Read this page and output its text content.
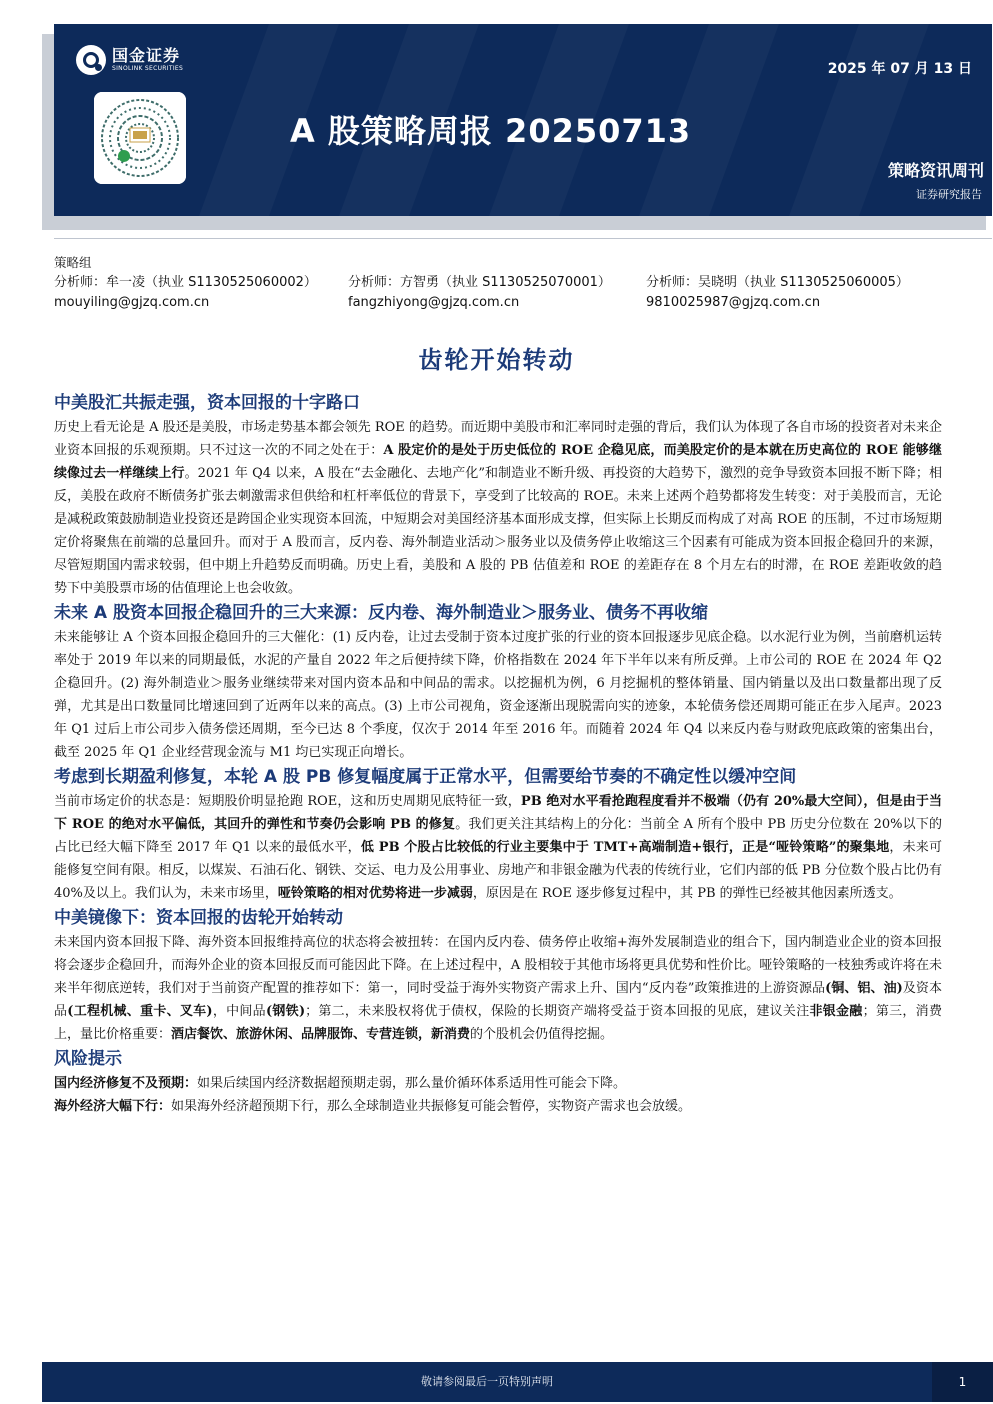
国金证券
SINOLINK SECURITIES	2025 年 07 月 13 日
A 股策略周报 20250713
策略资讯周刊
证券研究报告
策略组
分析师：牟一凌（执业 S1130525060002） 分析师：方智勇（执业 S1130525070001）	分析师：吴晓明（执业 S1130525060005）
mouyiling@gjzq.com.cn	fangzhiyong@gjzq.com.cn	9810025987@gjzq.com.cn
齿轮开始转动
中美股汇共振走强，资本回报的十字路口

历史上看无论是 A 股还是美股，市场走势基本都会领先 ROE 的趋势。而近期中美股市和汇率同时走强的背后，我们认为体现了各自市场的投资者对未来企业资本回报的乐观预期。只不过这一次的不同之处在于：A 股定价的是处于历史低位的 ROE 企稳见底，而美股定价的是本就在历史高位的 ROE 能够继续像过去一样继续上行。2021 年 Q4 以来，A 股在“去金融化、去地产化”和制造业不断升级、再投资的大趋势下，激烈的竞争导致资本回报不断下降；相反，美股在政府不断债务扩张去刺激需求但供给和杠杆率低位的背景下，享受到了比较高的 ROE。未来上述两个趋势都将发生转变：对于美股而言，无论是减税政策鼓励制造业投资还是跨国企业实现资本回流，中短期会对美国经济基本面形成支撑，但实际上长期反而构成了对高 ROE 的压制，不过市场短期定价将聚焦在前端的总量回升。而对于 A 股而言，反内卷、海外制造业活动＞服务业以及债务停止收缩这三个因素有可能成为资本回报企稳回升的来源，尽管短期国内需求较弱，但中期上升趋势反而明确。历史上看，美股和 A 股的 PB 估值差和 ROE 的差距存在 8 个月左右的时滞，在 ROE 差距收敛的趋势下中美股票市场的估值理论上也会收敛。

未来 A 股资本回报企稳回升的三大来源：反内卷、海外制造业＞服务业、债务不再收缩

未来能够让 A 个资本回报企稳回升的三大催化：(1) 反内卷，让过去受制于资本过度扩张的行业的资本回报逐步见底企稳。以水泥行业为例，当前磨机运转率处于 2019 年以来的同期最低，水泥的产量自 2022 年之后便持续下降，价格指数在 2024 年下半年以来有所反弹。上市公司的 ROE 在 2024 年 Q2 企稳回升。(2) 海外制造业＞服务业继续带来对国内资本品和中间品的需求。以挖掘机为例，6 月挖掘机的整体销量、国内销量以及出口数量都出现了反弹，尤其是出口数量同比增速回到了近两年以来的高点。(3) 上市公司视角，资金逐渐出现脱需向实的迹象，本轮债务偿还周期可能正在步入尾声。2023 年 Q1 过后上市公司步入债务偿还周期，至今已达 8 个季度，仅次于 2014 年至 2016 年。而随着 2024 年 Q4 以来反内卷与财政兜底政策的密集出台，截至 2025 年 Q1 企业经营现金流与 M1 均已实现正向增长。

考虑到长期盈利修复，本轮 A 股 PB 修复幅度属于正常水平，但需要给节奏的不确定性以缓冲空间

当前市场定价的状态是：短期股价明显抢跑 ROE，这和历史周期见底特征一致，PB 绝对水平看抢跑程度看并不极端（仍有 20%最大空间），但是由于当下 ROE 的绝对水平偏低，其回升的弹性和节奏仍会影响 PB 的修复。我们更关注其结构上的分化：当前全 A 所有个股中 PB 历史分位数在 20%以下的占比已经大幅下降至 2017 年 Q1 以来的最低水平，低 PB 个股占比较低的行业主要集中于 TMT+高端制造+银行，正是“哑铃策略”的聚集地，未来可能修复空间有限。相反，以煤炭、石油石化、钢铁、交运、电力及公用事业、房地产和非银金融为代表的传统行业，它们内部的低 PB 分位数个股占比仍有 40%及以上。我们认为，未来市场里，哑铃策略的相对优势将进一步减弱，原因是在 ROE 逐步修复过程中，其 PB 的弹性已经被其他因素所透支。

中美镜像下：资本回报的齿轮开始转动

未来国内资本回报下降、海外资本回报维持高位的状态将会被扭转：在国内反内卷、债务停止收缩+海外发展制造业的组合下，国内制造业企业的资本回报将会逐步企稳回升，而海外企业的资本回报反而可能因此下降。在上述过程中，A 股相较于其他市场将更具优势和性价比。哑铃策略的一枝独秀或许将在未来半年彻底逆转，我们对于当前资产配置的推荐如下：第一，同时受益于海外实物资产需求上升、国内“反内卷”政策推进的上游资源品(铜、铝、油)及资本品(工程机械、重卡、叉车)，中间品(钢铁)；第二，未来股权将优于债权，保险的长期资产端将受益于资本回报的见底，建议关注非银金融；第三，消费上，量比价格重要：酒店餐饮、旅游休闲、品牌服饰、专营连锁，新消费的个股机会仍值得挖掘。

风险提示

国内经济修复不及预期：如果后续国内经济数据超预期走弱，那么量价循环体系适用性可能会下降。

海外经济大幅下行：如果海外经济超预期下行，那么全球制造业共振修复可能会暂停，实物资产需求也会放缓。

敬请参阅最后一页特别声明	1
